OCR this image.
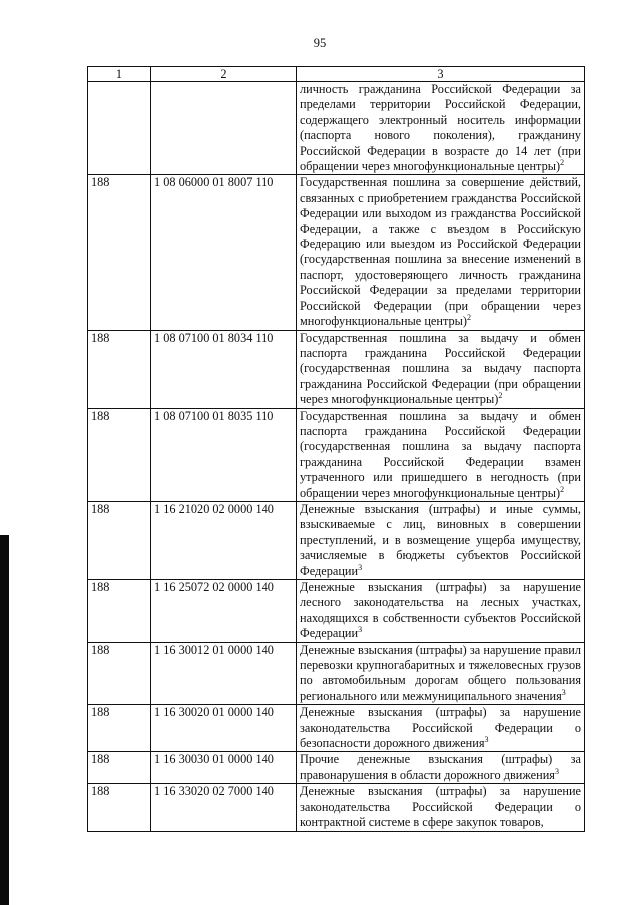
95
1	2	3
		личность гражданина Российской Федерации за пределами территории Российской Федерации, содержащего электронный носитель информации (паспорта нового поколения), гражданину Российской Федерации в возрасте до 14 лет (при обращении через многофункциональные центры)$^2$
188	1 08 06000 01 8007 110	Государственная пошлина за совершение действий, связанных с приобретением гражданства Российской Федерации или выходом из гражданства Российской Федерации, а также с въездом в Российскую Федерацию или выездом из Российской Федерации (государственная пошлина за внесение изменений в паспорт, удостоверяющего личность гражданина Российской Федерации за пределами территории Российской Федерации (при обращении через многофункциональные центры)$^2$
188	1 08 07100 01 8034 110	Государственная пошлина за выдачу и обмен паспорта гражданина Российской Федерации (государственная пошлина за выдачу паспорта гражданина Российской Федерации (при обращении через многофункциональные центры)$^2$
188	1 08 07100 01 8035 110	Государственная пошлина за выдачу и обмен паспорта гражданина Российской Федерации (государственная пошлина за выдачу паспорта гражданина Российской Федерации взамен утраченного или пришедшего в негодность (при обращении через многофункциональные центры)$^2$
188	1 16 21020 02 0000 140	Денежные взыскания (штрафы) и иные суммы, взыскиваемые с лиц, виновных в совершении преступлений, и в возмещение ущерба имуществу, зачисляемые в бюджеты субъектов Российской Федерации$^3$
188	1 16 25072 02 0000 140	Денежные взыскания (штрафы) за нарушение лесного законодательства на лесных участках, находящихся в собственности субъектов Российской Федерации$^3$
188	1 16 30012 01 0000 140	Денежные взыскания (штрафы) за нарушение правил перевозки крупногабаритных и тяжеловесных грузов по автомобильным дорогам общего пользования регионального или межмуниципального значения$^3$
188	1 16 30020 01 0000 140	Денежные взыскания (штрафы) за нарушение законодательства Российской Федерации о безопасности дорожного движения$^3$
188	1 16 30030 01 0000 140	Прочие денежные взыскания (штрафы) за правонарушения в области дорожного движения$^3$
188	1 16 33020 02 7000 140	Денежные взыскания (штрафы) за нарушение законодательства Российской Федерации о контрактной системе в сфере закупок товаров,
